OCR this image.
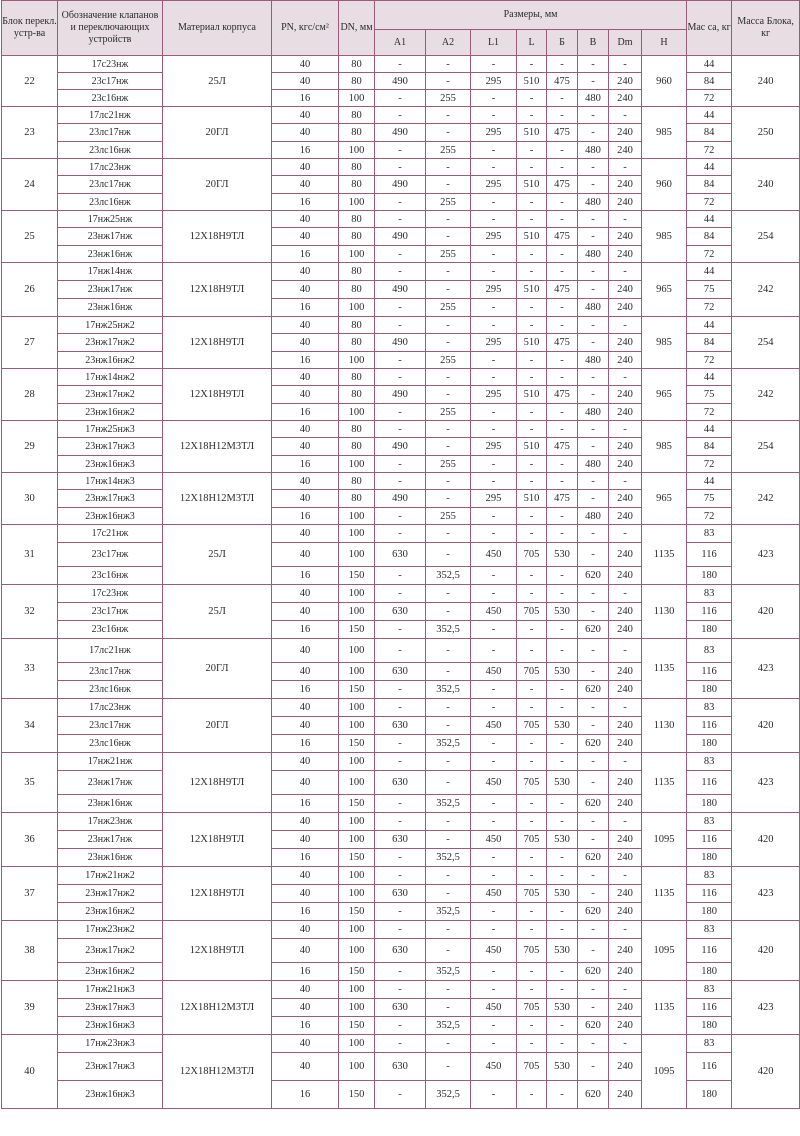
Блок перекл. устр-ва	Обозначение клапанов и переключающих устройств	Материал корпуса	PN, кгс/см²	DN, мм	Размеры, мм								Мас са, кг	Масса Блока, кг
					A1	A2	L1	L	Б	B	Dm	H		
22	17с23нж	25Л	40	80	-	-	-	-	-	-	-	960	44	240
	23с17нж		40	80	490	-	295	510	475	-	240		84	
	23с16нж		16	100	-	255	-	-	-	480	240		72	
23	17лс21нж	20ГЛ	40	80	-	-	-	-	-	-	-	985	44	250
	23лс17нж		40	80	490	-	295	510	475	-	240		84	
	23лс16нж		16	100	-	255	-	-	-	480	240		72	
24	17лс23нж	20ГЛ	40	80	-	-	-	-	-	-	-	960	44	240
	23лс17нж		40	80	490	-	295	510	475	-	240		84	
	23лс16нж		16	100	-	255	-	-	-	480	240		72	
25	17нж25нж	12Х18Н9ТЛ	40	80	-	-	-	-	-	-	-	985	44	254
	23нж17нж		40	80	490	-	295	510	475	-	240		84	
	23нж16нж		16	100	-	255	-	-	-	480	240		72	
26	17нж14нж	12Х18Н9ТЛ	40	80	-	-	-	-	-	-	-	965	44	242
	23нж17нж		40	80	490	-	295	510	475	-	240		75	
	23нж16нж		16	100	-	255	-	-	-	480	240		72	
27	17нж25нж2	12Х18Н9ТЛ	40	80	-	-	-	-	-	-	-	985	44	254
	23нж17нж2		40	80	490	-	295	510	475	-	240		84	
	23нж16нж2		16	100	-	255	-	-	-	480	240		72	
28	17нж14нж2	12Х18Н9ТЛ	40	80	-	-	-	-	-	-	-	965	44	242
	23нж17нж2		40	80	490	-	295	510	475	-	240		75	
	23нж16нж2		16	100	-	255	-	-	-	480	240		72	
29	17нж25нж3	12Х18Н12М3ТЛ	40	80	-	-	-	-	-	-	-	985	44	254
	23нж17нж3		40	80	490	-	295	510	475	-	240		84	
	23нж16нж3		16	100	-	255	-	-	-	480	240		72	
30	17нж14нж3	12Х18Н12М3ТЛ	40	80	-	-	-	-	-	-	-	965	44	242
	23нж17нж3		40	80	490	-	295	510	475	-	240		75	
	23нж16нж3		16	100	-	255	-	-	-	480	240		72	
31	17с21нж	25Л	40	100	-	-	-	-	-	-	-	1135	83	423
	23с17нж		40	100	630	-	450	705	530	-	240		116	
	23с16нж		16	150	-	352,5	-	-	-	620	240		180	
32	17с23нж	25Л	40	100	-	-	-	-	-	-	-	1130	83	420
	23с17нж		40	100	630	-	450	705	530	-	240		116	
	23с16нж		16	150	-	352,5	-	-	-	620	240		180	
33	17лс21нж	20ГЛ	40	100	-	-	-	-	-	-	-	1135	83	423
	23лс17нж		40	100	630	-	450	705	530	-	240		116	
	23лс16нж		16	150	-	352,5	-	-	-	620	240		180	
34	17лс23нж	20ГЛ	40	100	-	-	-	-	-	-	-	1130	83	420
	23лс17нж		40	100	630	-	450	705	530	-	240		116	
	23лс16нж		16	150	-	352,5	-	-	-	620	240		180	
35	17нж21нж	12Х18Н9ТЛ	40	100	-	-	-	-	-	-	-	1135	83	423
	23нж17нж		40	100	630	-	450	705	530	-	240		116	
	23нж16нж		16	150	-	352,5	-	-	-	620	240		180	
36	17нж23нж	12Х18Н9ТЛ	40	100	-	-	-	-	-	-	-	1095	83	420
	23нж17нж		40	100	630	-	450	705	530	-	240		116	
	23нж16нж		16	150	-	352,5	-	-	-	620	240		180	
37	17нж21нж2	12Х18Н9ТЛ	40	100	-	-	-	-	-	-	-	1135	83	423
	23нж17нж2		40	100	630	-	450	705	530	-	240		116	
	23нж16нж2		16	150	-	352,5	-	-	-	620	240		180	
38	17нж23нж2	12Х18Н9ТЛ	40	100	-	-	-	-	-	-	-	1095	83	420
	23нж17нж2		40	100	630	-	450	705	530	-	240		116	
	23нж16нж2		16	150	-	352,5	-	-	-	620	240		180	
39	17нж21нж3	12Х18Н12М3ТЛ	40	100	-	-	-	-	-	-	-	1135	83	423
	23нж17нж3		40	100	630	-	450	705	530	-	240		116	
	23нж16нж3		16	150	-	352,5	-	-	-	620	240		180	
40	17нж23нж3	12Х18Н12М3ТЛ	40	100	-	-	-	-	-	-	-	1095	83	420
	23нж17нж3		40	100	630	-	450	705	530	-	240		116	
	23нж16нж3		16	150	-	352,5	-	-	-	620	240		180	
